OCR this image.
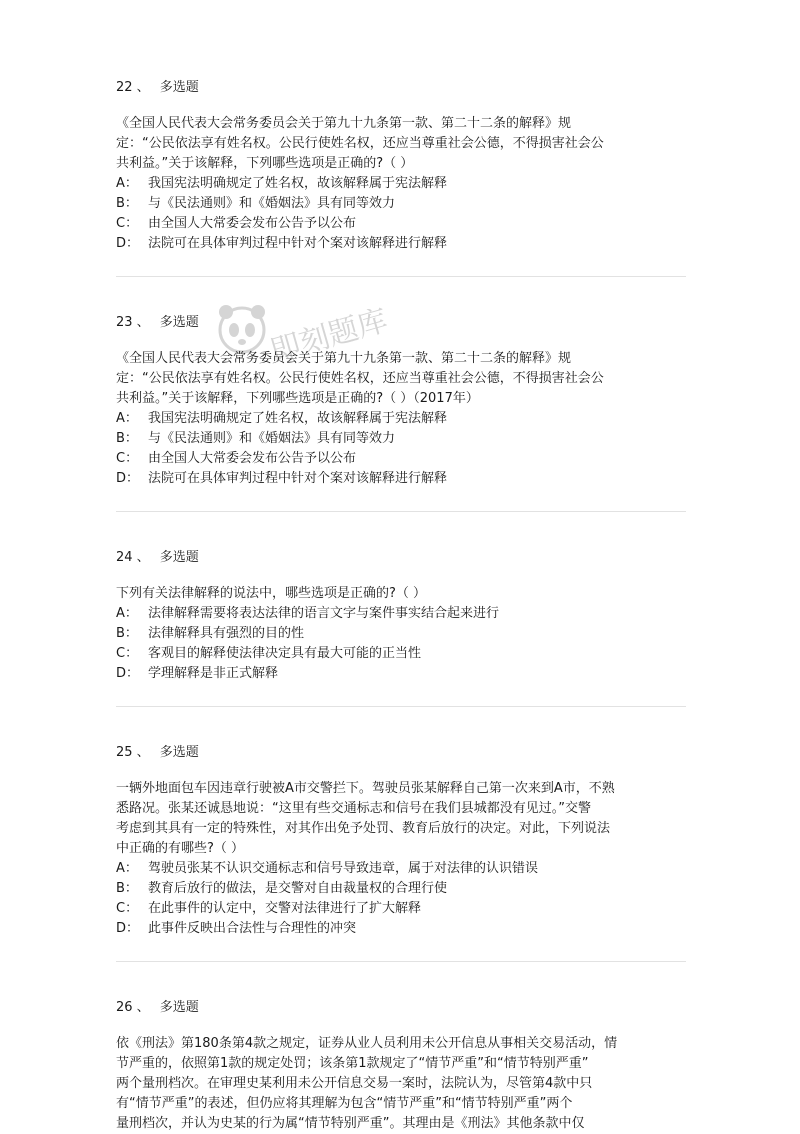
即刻题库
22 、 多选题
《全国人民代表大会常务委员会关于第九十九条第一款、第二十二条的解释》规
定：“公民依法享有姓名权。公民行使姓名权，还应当尊重社会公德，不得损害社会公
共利益。”关于该解释，下列哪些选项是正确的?（ ）
A： 我国宪法明确规定了姓名权，故该解释属于宪法解释
B： 与《民法通则》和《婚姻法》具有同等效力
C： 由全国人大常委会发布公告予以公布
D： 法院可在具体审判过程中针对个案对该解释进行解释
23 、 多选题
《全国人民代表大会常务委员会关于第九十九条第一款、第二十二条的解释》规
定：“公民依法享有姓名权。公民行使姓名权，还应当尊重社会公德，不得损害社会公
共利益。”关于该解释，下列哪些选项是正确的?（ ）（2017年）
A： 我国宪法明确规定了姓名权，故该解释属于宪法解释
B： 与《民法通则》和《婚姻法》具有同等效力
C： 由全国人大常委会发布公告予以公布
D： 法院可在具体审判过程中针对个案对该解释进行解释
24 、 多选题
下列有关法律解释的说法中，哪些选项是正确的?（ ）
A： 法律解释需要将表达法律的语言文字与案件事实结合起来进行
B： 法律解释具有强烈的目的性
C： 客观目的解释使法律决定具有最大可能的正当性
D： 学理解释是非正式解释
25 、 多选题
一辆外地面包车因违章行驶被A市交警拦下。驾驶员张某解释自己第一次来到A市，不熟
悉路况。张某还诚恳地说：“这里有些交通标志和信号在我们县城都没有见过。”交警
考虑到其具有一定的特殊性，对其作出免予处罚、教育后放行的决定。对此，下列说法
中正确的有哪些?（ ）
A： 驾驶员张某不认识交通标志和信号导致违章，属于对法律的认识错误
B： 教育后放行的做法，是交警对自由裁量权的合理行使
C： 在此事件的认定中，交警对法律进行了扩大解释
D： 此事件反映出合法性与合理性的冲突
26 、 多选题
依《刑法》第180条第4款之规定，证券从业人员利用未公开信息从事相关交易活动，情
节严重的，依照第1款的规定处罚；该条第1款规定了“情节严重”和“情节特别严重”
两个量刑档次。在审理史某利用未公开信息交易一案时，法院认为，尽管第4款中只
有“情节严重”的表述，但仍应将其理解为包含“情节严重”和“情节特别严重”两个
量刑档次，并认为史某的行为属“情节特别严重”。其理由是《刑法》其他条款中仅
